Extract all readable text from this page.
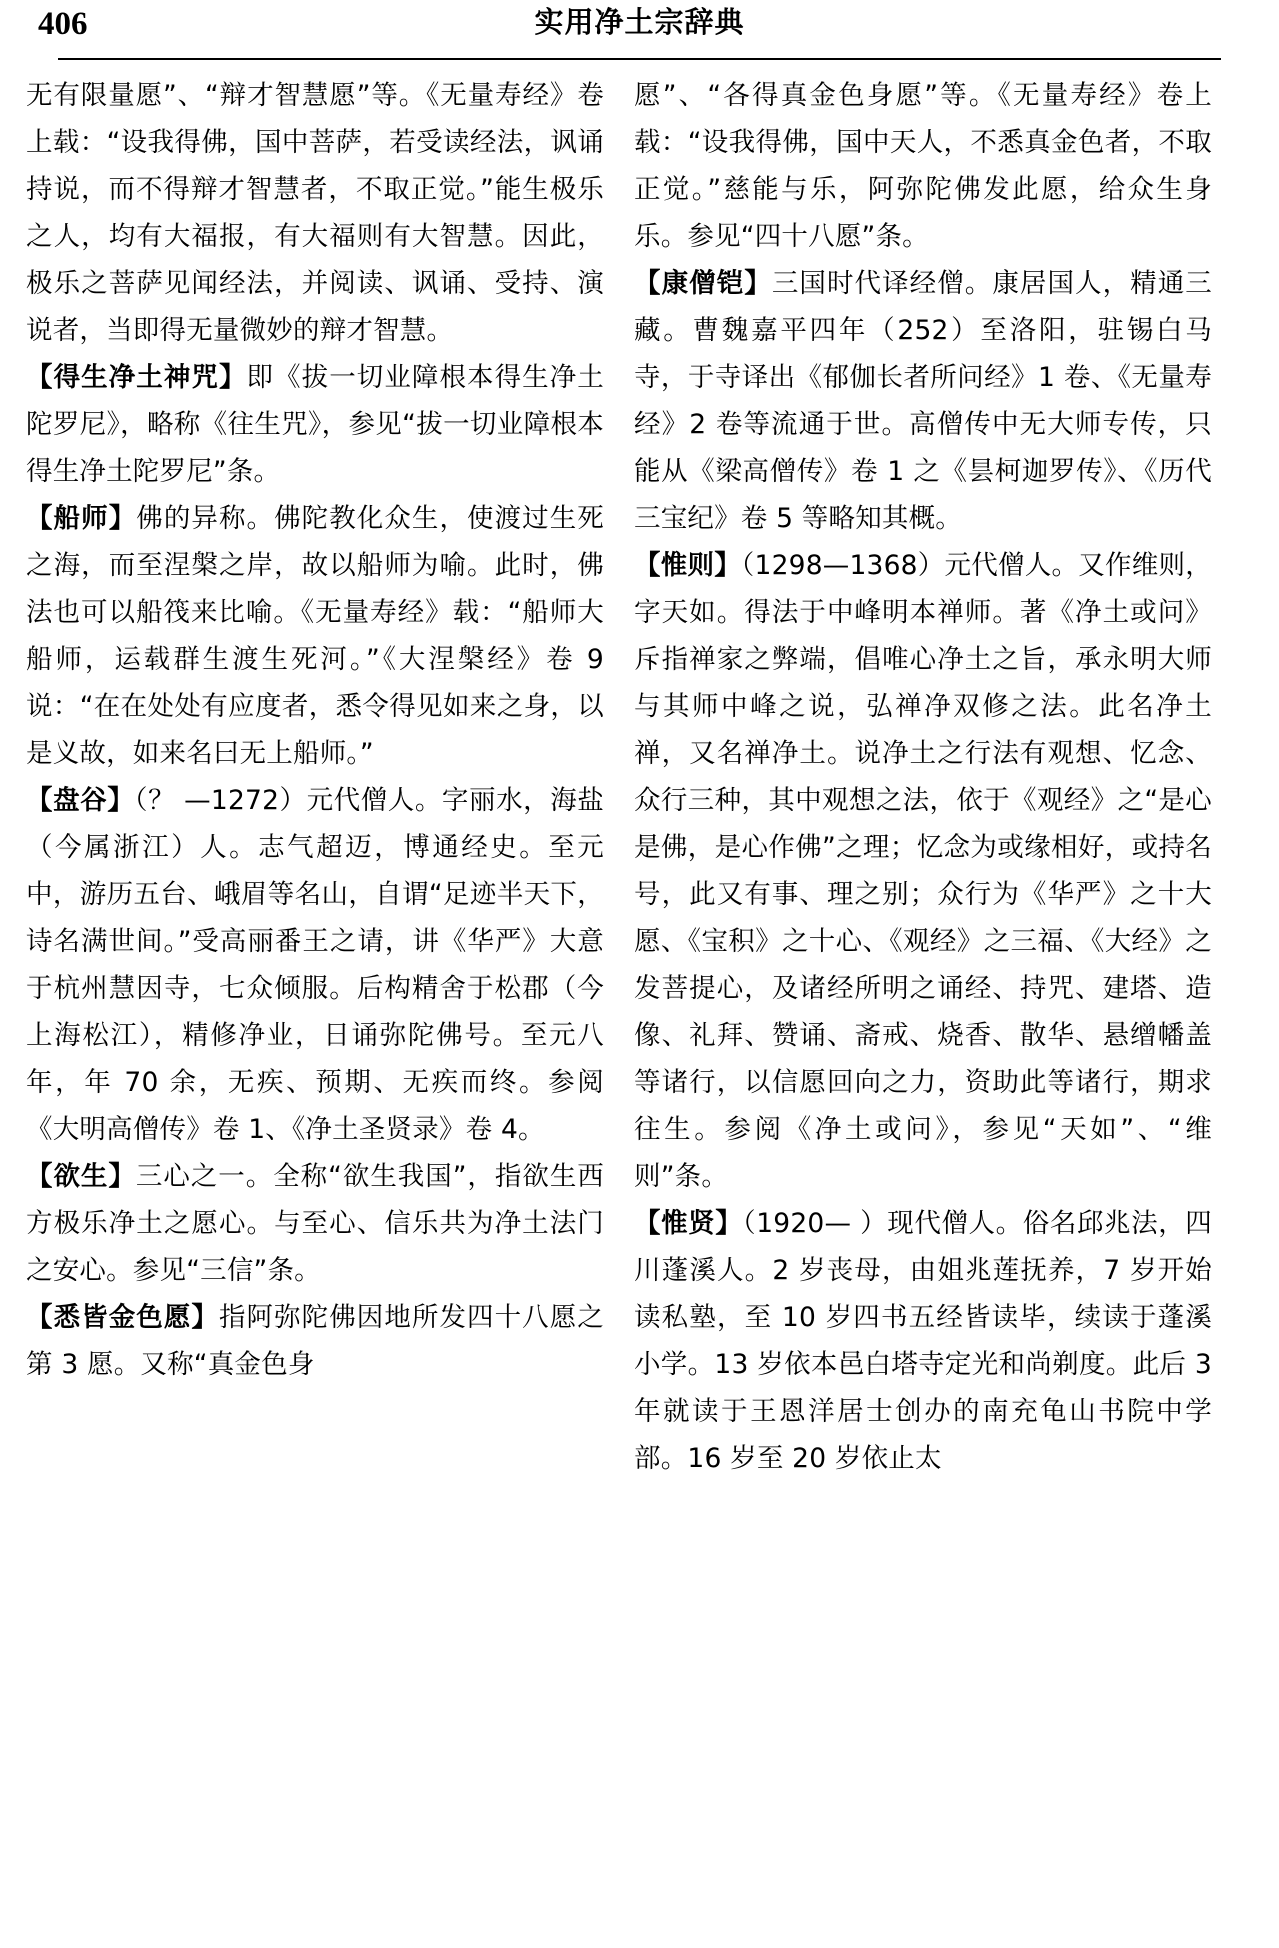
406	实用净土宗辞典

无有限量愿”、“辩才智慧愿”等。《无量寿经》卷上载：“设我得佛，国中菩萨，若受读经法，讽诵持说，而不得辩才智慧者，不取正觉。”能生极乐之人，均有大福报，有大福则有大智慧。因此，极乐之菩萨见闻经法，并阅读、讽诵、受持、演说者，当即得无量微妙的辩才智慧。

【得生净土神咒】即《拔一切业障根本得生净土陀罗尼》，略称《往生咒》，参见“拔一切业障根本得生净土陀罗尼”条。

【船师】佛的异称。佛陀教化众生，使渡过生死之海，而至涅槃之岸，故以船师为喻。此时，佛法也可以船筏来比喻。《无量寿经》载：“船师大船师，运载群生渡生死河。”《大涅槃经》卷 9 说：“在在处处有应度者，悉令得见如来之身，以是义故，如来名曰无上船师。”

【盘谷】（？ —1272）元代僧人。字丽水，海盐（今属浙江）人。志气超迈，博通经史。至元中，游历五台、峨眉等名山，自谓“足迹半天下，诗名满世间。”受高丽番王之请，讲《华严》大意于杭州慧因寺，七众倾服。后构精舍于松郡（今上海松江），精修净业，日诵弥陀佛号。至元八年，年 70 余，无疾、预期、无疾而终。参阅《大明高僧传》卷 1、《净土圣贤录》卷 4。

【欲生】三心之一。全称“欲生我国”，指欲生西方极乐净土之愿心。与至心、信乐共为净土法门之安心。参见“三信”条。

【悉皆金色愿】指阿弥陀佛因地所发四十八愿之第 3 愿。又称“真金色身

愿”、“各得真金色身愿”等。《无量寿经》卷上载：“设我得佛，国中天人，不悉真金色者，不取正觉。”慈能与乐，阿弥陀佛发此愿，给众生身乐。参见“四十八愿”条。

【康僧铠】三国时代译经僧。康居国人，精通三藏。曹魏嘉平四年（252）至洛阳，驻锡白马寺，于寺译出《郁伽长者所问经》1 卷、《无量寿经》2 卷等流通于世。高僧传中无大师专传，只能从《梁高僧传》卷 1 之《昙柯迦罗传》、《历代三宝纪》卷 5 等略知其概。

【惟则】（1298—1368）元代僧人。又作维则，字天如。得法于中峰明本禅师。著《净土或问》斥指禅家之弊端，倡唯心净土之旨，承永明大师与其师中峰之说，弘禅净双修之法。此名净土禅，又名禅净土。说净土之行法有观想、忆念、众行三种，其中观想之法，依于《观经》之“是心是佛，是心作佛”之理；忆念为或缘相好，或持名号，此又有事、理之别；众行为《华严》之十大愿、《宝积》之十心、《观经》之三福、《大经》之发菩提心，及诸经所明之诵经、持咒、建塔、造像、礼拜、赞诵、斋戒、烧香、散华、悬缯幡盖等诸行，以信愿回向之力，资助此等诸行，期求往生。参阅《净土或问》，参见“天如”、“维则”条。

【惟贤】（1920— ）现代僧人。俗名邱兆法，四川蓬溪人。2 岁丧母，由姐兆莲抚养，7 岁开始读私塾，至 10 岁四书五经皆读毕，续读于蓬溪小学。13 岁依本邑白塔寺定光和尚剃度。此后 3 年就读于王恩洋居士创办的南充龟山书院中学部。16 岁至 20 岁依止太
